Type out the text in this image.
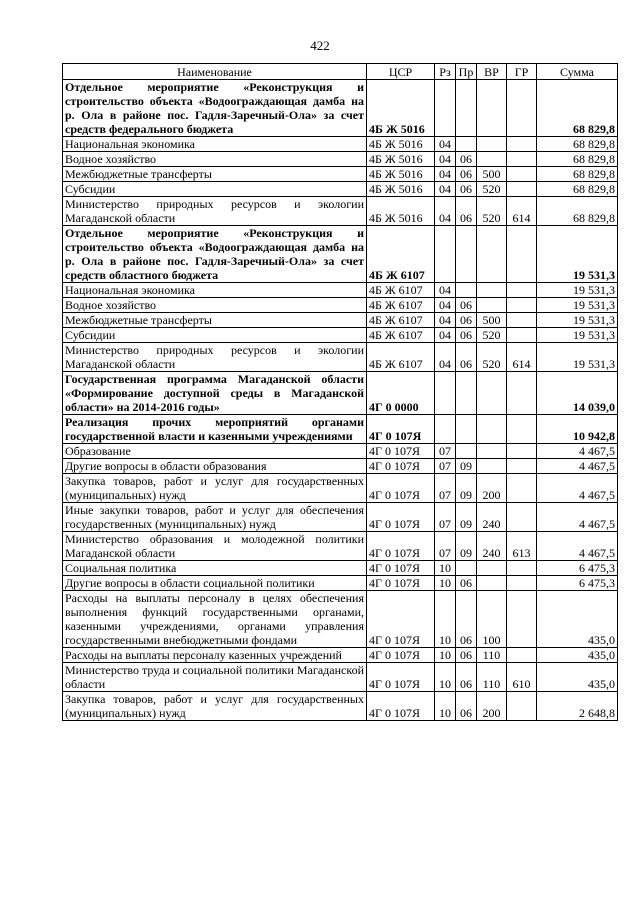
422
Наименование	ЦСР	Рз	Пр	ВР	ГР	Сумма
Отдельное мероприятие «Реконструкция и строительство объекта «Водоограждающая дамба на р. Ола в районе пос. Гадля-Заречный-Ола» за счет средств федерального бюджета	4Б Ж 5016					68 829,8
Национальная экономика	4Б Ж 5016	04				68 829,8
Водное хозяйство	4Б Ж 5016	04	06			68 829,8
Межбюджетные трансферты	4Б Ж 5016	04	06	500		68 829,8
Субсидии	4Б Ж 5016	04	06	520		68 829,8
Министерство природных ресурсов и экологии Магаданской области	4Б Ж 5016	04	06	520	614	68 829,8
Отдельное мероприятие «Реконструкция и строительство объекта «Водоограждающая дамба на р. Ола в районе пос. Гадля-Заречный-Ола» за счет средств областного бюджета	4Б Ж 6107					19 531,3
Национальная экономика	4Б Ж 6107	04				19 531,3
Водное хозяйство	4Б Ж 6107	04	06			19 531,3
Межбюджетные трансферты	4Б Ж 6107	04	06	500		19 531,3
Субсидии	4Б Ж 6107	04	06	520		19 531,3
Министерство природных ресурсов и экологии Магаданской области	4Б Ж 6107	04	06	520	614	19 531,3
Государственная программа Магаданской области «Формирование доступной среды в Магаданской области» на 2014-2016 годы»	4Г 0 0000					14 039,0
Реализация прочих мероприятий органами государственной власти и казенными учреждениями	4Г 0 107Я					10 942,8
Образование	4Г 0 107Я	07				4 467,5
Другие вопросы в области образования	4Г 0 107Я	07	09			4 467,5
Закупка товаров, работ и услуг для государственных (муниципальных) нужд	4Г 0 107Я	07	09	200		4 467,5
Иные закупки товаров, работ и услуг для обеспечения государственных (муниципальных) нужд	4Г 0 107Я	07	09	240		4 467,5
Министерство образования и молодежной политики Магаданской области	4Г 0 107Я	07	09	240	613	4 467,5
Социальная политика	4Г 0 107Я	10				6 475,3
Другие вопросы в области социальной политики	4Г 0 107Я	10	06			6 475,3
Расходы на выплаты персоналу в целях обеспечения выполнения функций государственными органами, казенными учреждениями, органами управления государственными внебюджетными фондами	4Г 0 107Я	10	06	100		435,0
Расходы на выплаты персоналу казенных учреждений	4Г 0 107Я	10	06	110		435,0
Министерство труда и социальной политики Магаданской области	4Г 0 107Я	10	06	110	610	435,0
Закупка товаров, работ и услуг для государственных (муниципальных) нужд	4Г 0 107Я	10	06	200		2 648,8
